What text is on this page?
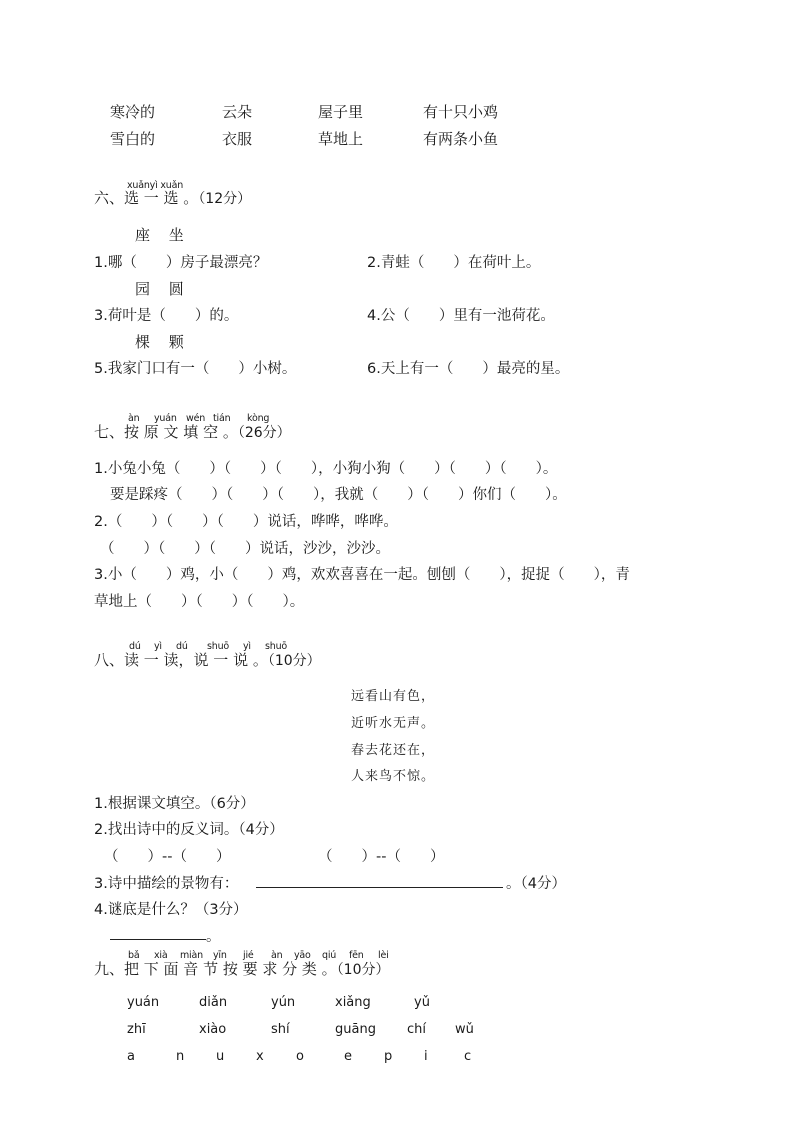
寒冷的	云朵	屋子里	有十只小鸡
雪白的	衣服	草地上	有两条小鱼
xuǎnyì xuǎn
六、选 一 选 。（12分）
座 坐
1.哪（　　）房子最漂亮？	2.青蛙（　　）在荷叶上。
园 圆
3.荷叶是（　　）的。	4.公（　　）里有一池荷花。
棵 颗
5.我家门口有一（　　）小树。	6.天上有一（　　）最亮的星。
àn yuán wén tián kòng
七、按 原 文 填 空 。（26分）
1.小兔小兔（　　）（　　）（　　），小狗小狗（　　）（　　）（　　）。
要是踩疼（　　）（　　）（　　），我就（　　）（　　）你们（　　）。
2.（　　）（　　）（　　）说话，哗哗，哗哗。
（　　）（　　）（　　）说话，沙沙，沙沙。
3.小（　　）鸡，小（　　）鸡，欢欢喜喜在一起。刨刨（　　），捉捉（　　），青
草地上（　　）（　　）（　　）。
dú yì dú shuō yì shuō
八、读 一 读，说 一 说 。（10分）
远看山有色，
近听水无声。
春去花还在，
人来鸟不惊。
1.根据课文填空。（6分）
2.找出诗中的反义词。（4分）
（　　）--（　　）	（　　）--（　　）
3.诗中描绘的景物有：	。（4分）
4.谜底是什么？（3分）
。
bǎ xià miàn yīn jié àn yāo qiú fēn lèi
九、把 下 面 音 节 按 要 求 分 类 。（10分）
yuán	diǎn	yún	xiǎng	yǔ
zhī	xiào	shí	guāng chí wǔ
a	n u x o	e p i	c
